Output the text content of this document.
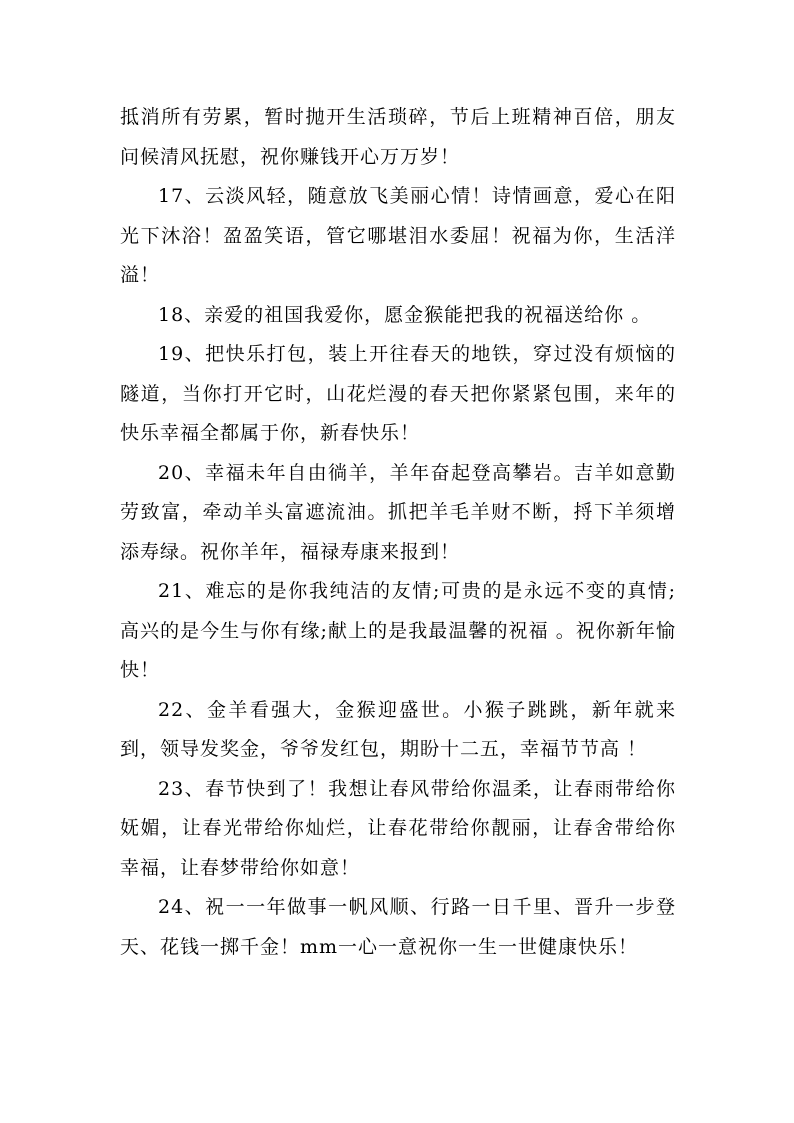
抵消所有劳累，暂时抛开生活琐碎，节后上班精神百倍，朋友问候清风抚慰，祝你赚钱开心万万岁！

17、云淡风轻，随意放飞美丽心情！诗情画意，爱心在阳光下沐浴！盈盈笑语，管它哪堪泪水委屈！祝福为你，生活洋溢！

18、亲爱的祖国我爱你，愿金猴能把我的祝福送给你 。

19、把快乐打包，装上开往春天的地铁，穿过没有烦恼的隧道，当你打开它时，山花烂漫的春天把你紧紧包围，来年的快乐幸福全都属于你，新春快乐！

20、幸福未年自由徜羊，羊年奋起登高攀岩。吉羊如意勤劳致富，牵动羊头富遮流油。抓把羊毛羊财不断，捋下羊须增添寿绿。祝你羊年，福禄寿康来报到！

21、难忘的是你我纯洁的友情;可贵的是永远不变的真情;高兴的是今生与你有缘;献上的是我最温馨的祝福 。祝你新年愉快！

22、金羊看强大，金猴迎盛世。小猴子跳跳，新年就来到，领导发奖金，爷爷发红包，期盼十二五，幸福节节高 ！

23、春节快到了！我想让春风带给你温柔，让春雨带给你妩媚，让春光带给你灿烂，让春花带给你靓丽，让春舍带给你幸福，让春梦带给你如意！

24、祝一一年做事一帆风顺、行路一日千里、晋升一步登天、花钱一掷千金！mm一心一意祝你一生一世健康快乐！
